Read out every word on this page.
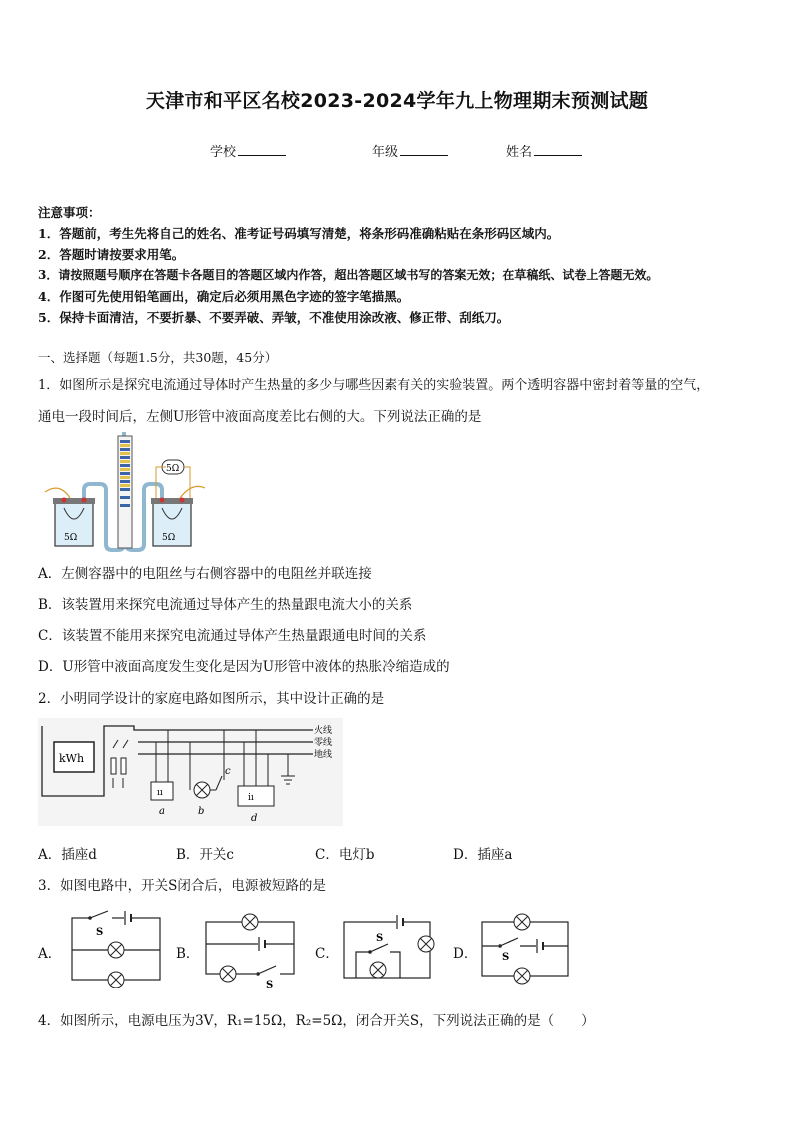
天津市和平区名校2023-2024学年九上物理期末预测试题
学校	年级	姓名
注意事项：
1．答题前，考生先将自己的姓名、准考证号码填写清楚，将条形码准确粘贴在条形码区域内。
2．答题时请按要求用笔。
3．请按照题号顺序在答题卡各题目的答题区域内作答，超出答题区域书写的答案无效；在草稿纸、试卷上答题无效。
4．作图可先使用铅笔画出，确定后必须用黑色字迹的签字笔描黑。
5．保持卡面清洁，不要折暴、不要弄破、弄皱，不准使用涂改液、修正带、刮纸刀。
一、选择题（每题1.5分，共30题，45分）
1．如图所示是探究电流通过导体时产生热量的多少与哪些因素有关的实验装置。两个透明容器中密封着等量的空气，
通电一段时间后，左侧U形管中液面高度差比右侧的大。下列说法正确的是
5Ω	5Ω
5Ω
A．左侧容器中的电阻丝与右侧容器中的电阻丝并联连接
B．该装置用来探究电流通过导体产生的热量跟电流大小的关系
C．该装置不能用来探究电流通过导体产生热量跟通电时间的关系
D．U形管中液面高度发生变化是因为U形管中液体的热胀冷缩造成的
2．小明同学设计的家庭电路如图所示，其中设计正确的是
火线
零线
地线
kWh
ıı
a	b
c
ı̇ı
d
A．插座d	B．开关c	C．电灯b	D．插座a
3．如图电路中，开关S闭合后，电源被短路的是
A．	B．	C．	D．
S
S
S
S
4．如图所示，电源电压为3V，R₁=15Ω，R₂=5Ω，闭合开关S，下列说法正确的是（　　）
